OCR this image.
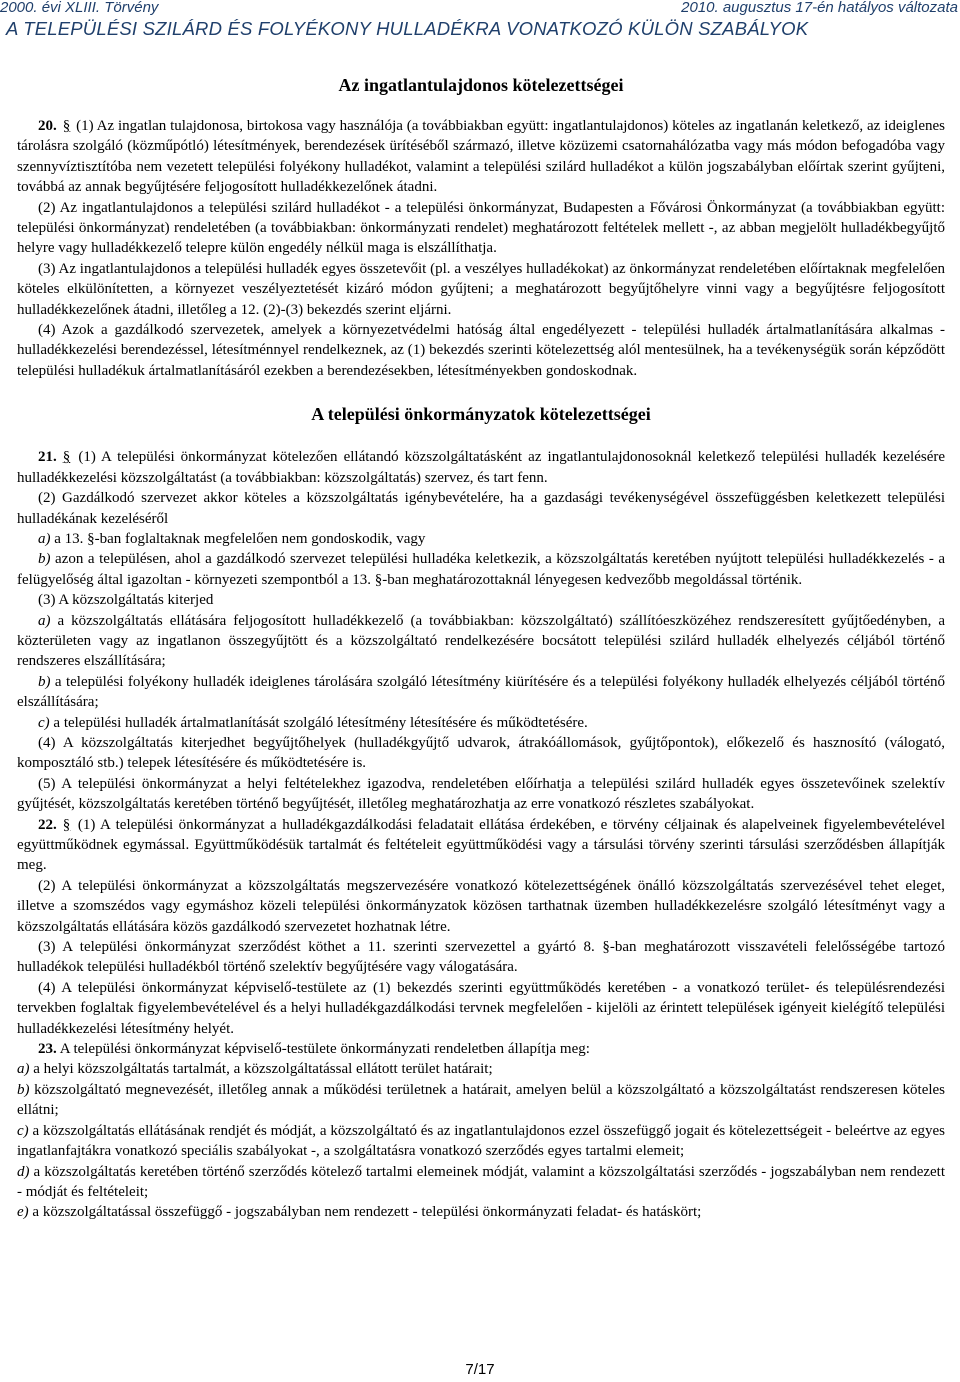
2000. évi XLIII. Törvény	2010. augusztus 17-én hatályos változata
A TELEPÜLÉSI SZILÁRD ÉS FOLYÉKONY HULLADÉKRA VONATKOZÓ KÜLÖN SZABÁLYOK
Az ingatlantulajdonos kötelezettségei

20. § (1) Az ingatlan tulajdonosa, birtokosa vagy használója (a továbbiakban együtt: ingatlantulajdonos) köteles az ingatlanán keletkező, az ideiglenes tárolásra szolgáló (közműpótló) létesítmények, berendezések ürítéséből származó, illetve közüzemi csatornahálózatba vagy más módon befogadóba vagy szennyvíztisztítóba nem vezetett települési folyékony hulladékot, valamint a települési szilárd hulladékot a külön jogszabályban előírtak szerint gyűjteni, továbbá az annak begyűjtésére feljogosított hulladékkezelőnek átadni.

(2) Az ingatlantulajdonos a települési szilárd hulladékot - a települési önkormányzat, Budapesten a Fővárosi Önkormányzat (a továbbiakban együtt: települési önkormányzat) rendeletében (a továbbiakban: önkormányzati rendelet) meghatározott feltételek mellett -, az abban megjelölt hulladékbegyűjtő helyre vagy hulladékkezelő telepre külön engedély nélkül maga is elszállíthatja.

(3) Az ingatlantulajdonos a települési hulladék egyes összetevőit (pl. a veszélyes hulladékokat) az önkormányzat rendeletében előírtaknak megfelelően köteles elkülönítetten, a környezet veszélyeztetését kizáró módon gyűjteni; a meghatározott begyűjtőhelyre vinni vagy a begyűjtésre feljogosított hulladékkezelőnek átadni, illetőleg a 12. (2)-(3) bekezdés szerint eljárni.

(4) Azok a gazdálkodó szervezetek, amelyek a környezetvédelmi hatóság által engedélyezett - települési hulladék ártalmatlanítására alkalmas - hulladékkezelési berendezéssel, létesítménnyel rendelkeznek, az (1) bekezdés szerinti kötelezettség alól mentesülnek, ha a tevékenységük során képződött települési hulladékuk ártalmatlanításáról ezekben a berendezésekben, létesítményekben gondoskodnak.

A települési önkormányzatok kötelezettségei

21. § (1) A települési önkormányzat kötelezően ellátandó közszolgáltatásként az ingatlantulajdonosoknál keletkező települési hulladék kezelésére hulladékkezelési közszolgáltatást (a továbbiakban: közszolgáltatás) szervez, és tart fenn.

(2) Gazdálkodó szervezet akkor köteles a közszolgáltatás igénybevételére, ha a gazdasági tevékenységével összefüggésben keletkezett települési hulladékának kezeléséről

a) a 13. §-ban foglaltaknak megfelelően nem gondoskodik, vagy

b) azon a településen, ahol a gazdálkodó szervezet települési hulladéka keletkezik, a közszolgáltatás keretében nyújtott települési hulladékkezelés - a felügyelőség által igazoltan - környezeti szempontból a 13. §-ban meghatározottaknál lényegesen kedvezőbb megoldással történik.

(3) A közszolgáltatás kiterjed

a) a közszolgáltatás ellátására feljogosított hulladékkezelő (a továbbiakban: közszolgáltató) szállítóeszközéhez rendszeresített gyűjtőedényben, a közterületen vagy az ingatlanon összegyűjtött és a közszolgáltató rendelkezésére bocsátott települési szilárd hulladék elhelyezés céljából történő rendszeres elszállítására;

b) a települési folyékony hulladék ideiglenes tárolására szolgáló létesítmény kiürítésére és a települési folyékony hulladék elhelyezés céljából történő elszállítására;

c) a települési hulladék ártalmatlanítását szolgáló létesítmény létesítésére és működtetésére.

(4) A közszolgáltatás kiterjedhet begyűjtőhelyek (hulladékgyűjtő udvarok, átrakóállomások, gyűjtőpontok), előkezelő és hasznosító (válogató, komposztáló stb.) telepek létesítésére és működtetésére is.

(5) A települési önkormányzat a helyi feltételekhez igazodva, rendeletében előírhatja a települési szilárd hulladék egyes összetevőinek szelektív gyűjtését, közszolgáltatás keretében történő begyűjtését, illetőleg meghatározhatja az erre vonatkozó részletes szabályokat.

22. § (1) A települési önkormányzat a hulladékgazdálkodási feladatait ellátása érdekében, e törvény céljainak és alapelveinek figyelembevételével együttműködnek egymással. Együttműködésük tartalmát és feltételeit együttműködési vagy a társulási törvény szerinti társulási szerződésben állapítják meg.

(2) A települési önkormányzat a közszolgáltatás megszervezésére vonatkozó kötelezettségének önálló közszolgáltatás szervezésével tehet eleget, illetve a szomszédos vagy egymáshoz közeli települési önkormányzatok közösen tarthatnak üzemben hulladékkezelésre szolgáló létesítményt vagy a közszolgáltatás ellátására közös gazdálkodó szervezetet hozhatnak létre.

(3) A települési önkormányzat szerződést köthet a 11. szerinti szervezettel a gyártó 8. §-ban meghatározott visszavételi felelősségébe tartozó hulladékok települési hulladékból történő szelektív begyűjtésére vagy válogatására.

(4) A települési önkormányzat képviselő-testülete az (1) bekezdés szerinti együttműködés keretében - a vonatkozó terület- és településrendezési tervekben foglaltak figyelembevételével és a helyi hulladékgazdálkodási tervnek megfelelően - kijelöli az érintett települések igényeit kielégítő települési hulladékkezelési létesítmény helyét.

23. A települési önkormányzat képviselő-testülete önkormányzati rendeletben állapítja meg:

a) a helyi közszolgáltatás tartalmát, a közszolgáltatással ellátott terület határait;

b) közszolgáltató megnevezését, illetőleg annak a működési területnek a határait, amelyen belül a közszolgáltató a közszolgáltatást rendszeresen köteles ellátni;

c) a közszolgáltatás ellátásának rendjét és módját, a közszolgáltató és az ingatlantulajdonos ezzel összefüggő jogait és kötelezettségeit - beleértve az egyes ingatlanfajtákra vonatkozó speciális szabályokat -, a szolgáltatásra vonatkozó szerződés egyes tartalmi elemeit;

d) a közszolgáltatás keretében történő szerződés kötelező tartalmi elemeinek módját, valamint a közszolgáltatási szerződés - jogszabályban nem rendezett - módját és feltételeit;

e) a közszolgáltatással összefüggő - jogszabályban nem rendezett - települési önkormányzati feladat- és hatáskört;

7/17
